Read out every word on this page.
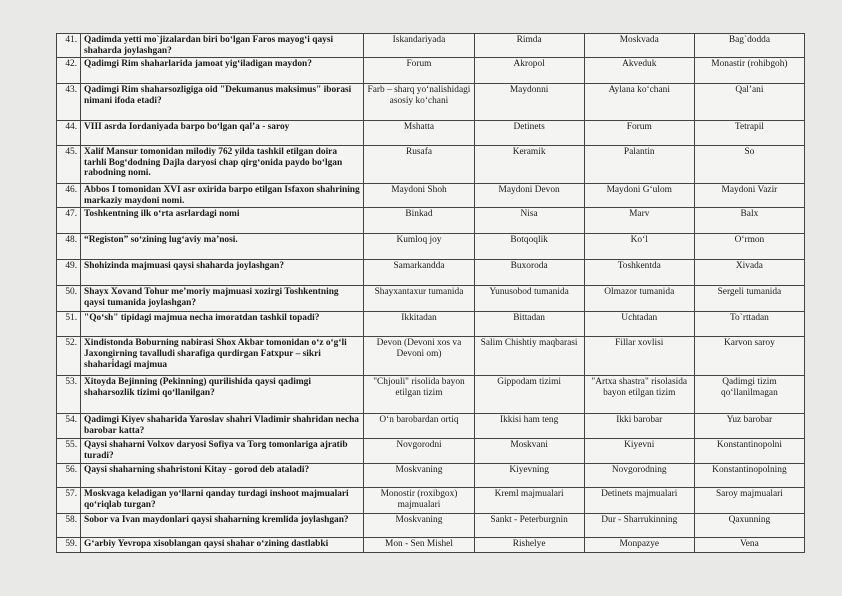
41.	Qadimda yetti mo`jizalardan biri bo‘lgan Faros mayog‘i qaysi shaharda joylashgan?	Iskandariyada	Rimda	Moskvada	Bag`dodda
42.	Qadimgi Rim shaharlarida jamoat yig‘iladigan maydon?	Forum	Akropol	Akveduk	Monastir (rohibgoh)
43.	Qadimgi Rim shaharsozligiga oid "Dekumanus maksimus" iborasi nimani ifoda etadi?	Farb – sharq yo‘nalishidagi asosiy ko‘chani	Maydonni	Aylana ko‘chani	Qal’ani
44.	VIII asrda Iordaniyada barpo bo‘lgan qal’a - saroy	Mshatta	Detinets	Forum	Tetrapil
45.	Xalif Mansur tomonidan milodiy 762 yilda tashkil etilgan doira tarhli Bog‘dodning Dajla daryosi chap qirg‘onida paydo bo‘lgan rabodning nomi.	Rusafa	Keramik	Palantin	So
46.	Abbos I tomonidan XVI asr oxirida barpo etilgan Isfaxon shahrining markaziy maydoni nomi.	Maydoni Shoh	Maydoni Devon	Maydoni G‘ulom	Maydoni Vazir
47.	Toshkentning ilk o‘rta asrlardagi nomi	Binkad	Nisa	Marv	Balx
48.	“Registon” so‘zining lug‘aviy ma’nosi.	Kumloq joy	Botqoqlik	Ko‘l	O‘rmon
49.	Shohizinda majmuasi qaysi shaharda joylashgan?	Samarkandda	Buxoroda	Toshkentda	Xivada
50.	Shayx Xovand Tohur me’moriy majmuasi xozirgi Toshkentning qaysi tumanida joylashgan?	Shayxantaxur tumanida	Yunusobod tumanida	Olmazor tumanida	Sergeli tumanida
51.	"Qo‘sh" tipidagi majmua necha imoratdan tashkil topadi?	Ikkitadan	Bittadan	Uchtadan	To`rttadan
52.	Xindistonda Boburning nabirasi Shox Akbar tomonidan o‘z o‘g‘li Jaxongirning tavalludi sharafiga qurdirgan Fatxpur – sikri shahari̇dagi majmua	Devon (Devoni xos va Devoni om)	Salim Chishtiy maqbarasi	Fillar xovlisi	Karvon saroy
53.	Xitoyda Bejinning (Pekinning) qurilishida qaysi qadimgi shaharsozlik tizimi qo‘llanilgan?	"Chjouli" risolida bayon etilgan tizim	Gippodam tizimi	"Artxa shastra" risolasida bayon etilgan tizim	Qadimgi tizim qo‘llanilmagan
54.	Qadimgi Kiyev shaharida Yaroslav shahri Vladimir shahridan necha barobar katta?	O‘n barobardan ortiq	Ikkisi ham teng	Ikki barobar	Yuz barobar
55.	Qaysi shaharni Volxov daryosi Sofiya va Torg tomonlariga ajratib turadi?	Novgorodni	Moskvani	Kiyevni	Konstantinopolni
56.	Qaysi shaharning shahristoni Kitay - gorod deb ataladi?	Moskvaning	Kiyevning	Novgorodning	Konstantinopolning
57.	Moskvaga keladigan yo‘llarni qanday turdagi inshoot majmualari qo‘riqlab turgan?	Monostir (roxibgox) majmualari	Kreml majmualari	Detinets majmualari	Saroy majmualari
58.	Sobor va Ivan maydonlari qaysi shaharning kremlida joylashgan?	Moskvaning	Sankt - Peterburgnin	Dur - Sharrukinning	Qaxunning
59.	G‘arbiy Yevropa xisoblangan qaysi shahar o‘zining dastlabki	Mon - Sen Mishel	Rishelye	Monpazye	Vena
